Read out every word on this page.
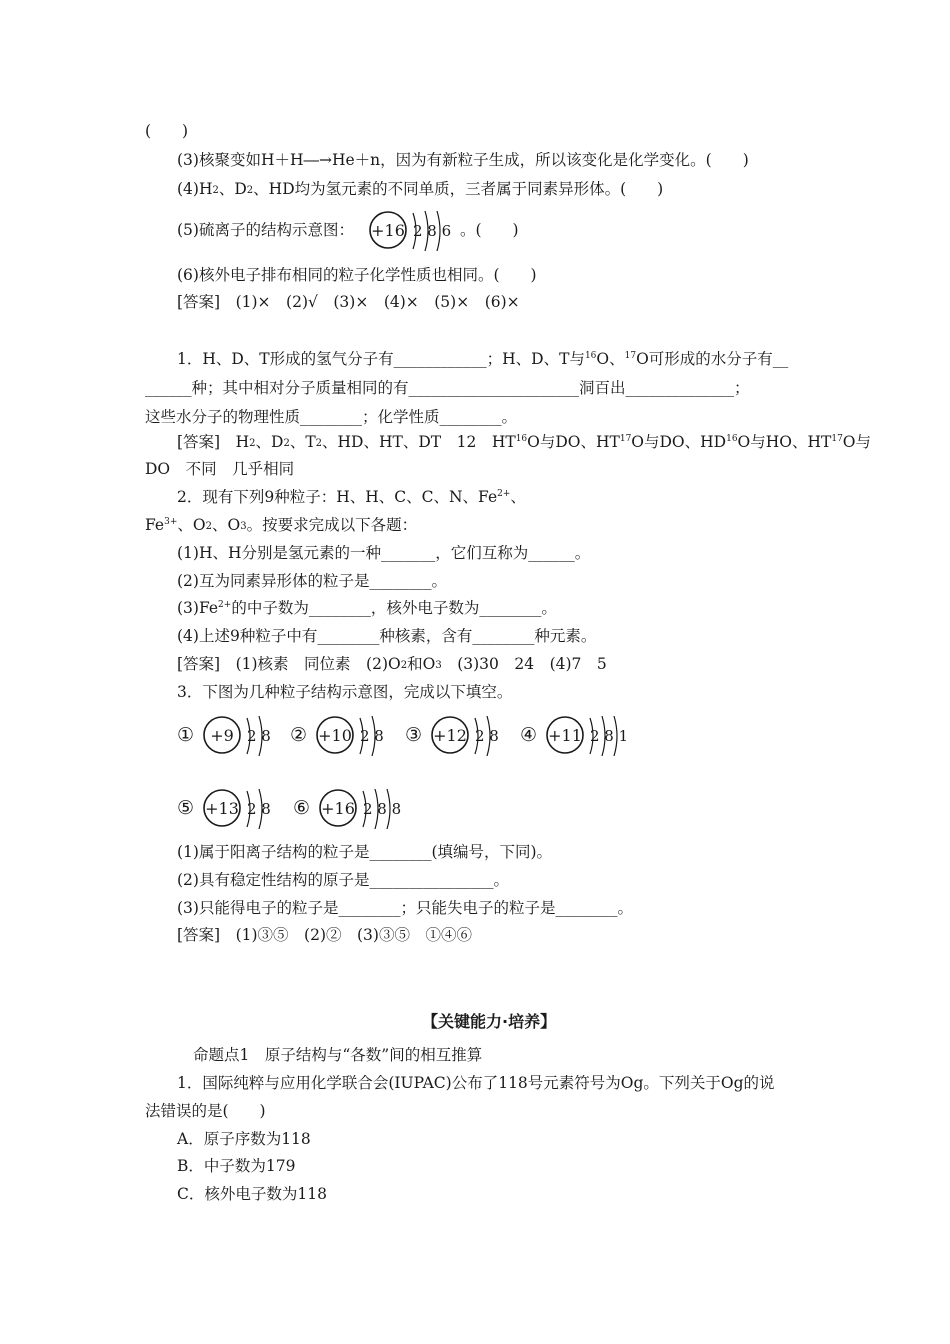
(　　)
(3)核聚变如H＋H―→He＋n，因为有新粒子生成，所以该变化是化学变化。(　　)
$(4)H_2$、$D_2$、HD均为氢元素的不同单质，三者属于同素异形体。(　　)
(5)硫离子的结构示意图：	。(　　)
+16 2 8 6
(6)核外电子排布相同的粒子化学性质也相同。(　　)
[答案]　(1)×　(2)√　(3)×　(4)×　(5)×　(6)×
1．H、D、T形成的氢气分子有____________；H、D、T与$^{16}$O、$^{17}$O可形成的水分子有__
______种；其中相对分子质量相同的有______________________洞百出______________；
这些水分子的物理性质________；化学性质________。
[答案]　$H_2$、$D_2$、$T_2$、HD、HT、DT　12　HT$^{16}$O与DO、HT$^{17}$O与DO、HD$^{16}$O与HO、HT$^{17}$O与
DO　不同　几乎相同
2．现有下列9种粒子：H、H、C、C、N、$Fe^{2+}$、
$Fe^{3+}$、$O_2$、$O_3$。按要求完成以下各题：
(1)H、H分别是氢元素的一种_______，它们互称为______。
(2)互为同素异形体的粒子是________。
$(3)Fe^{2+}$的中子数为________，核外电子数为________。
(4)上述9种粒子中有________种核素，含有________种元素。
[答案]　(1)核素　同位素　$(2)O_2$和$O_3$　(3)30　24　(4)7　5
3．下图为几种粒子结构示意图，完成以下填空。
① +9 2 8 ② +10 2 8 ③ +12 2 8 ④ +11 2 8 1
⑤ +13 2 8 ⑥ +16 2 8 8
(1)属于阳离子结构的粒子是________(填编号，下同)。
(2)具有稳定性结构的原子是________________。
(3)只能得电子的粒子是________；只能失电子的粒子是________。
[答案]　(1)③⑤　(2)②　(3)③⑤　①④⑥
【关键能力·培养】
命题点1　原子结构与“各数”间的相互推算
1．国际纯粹与应用化学联合会(IUPAC)公布了118号元素符号为Og。下列关于Og的说
法错误的是(　　)
A．原子序数为118
B．中子数为179
C．核外电子数为118
